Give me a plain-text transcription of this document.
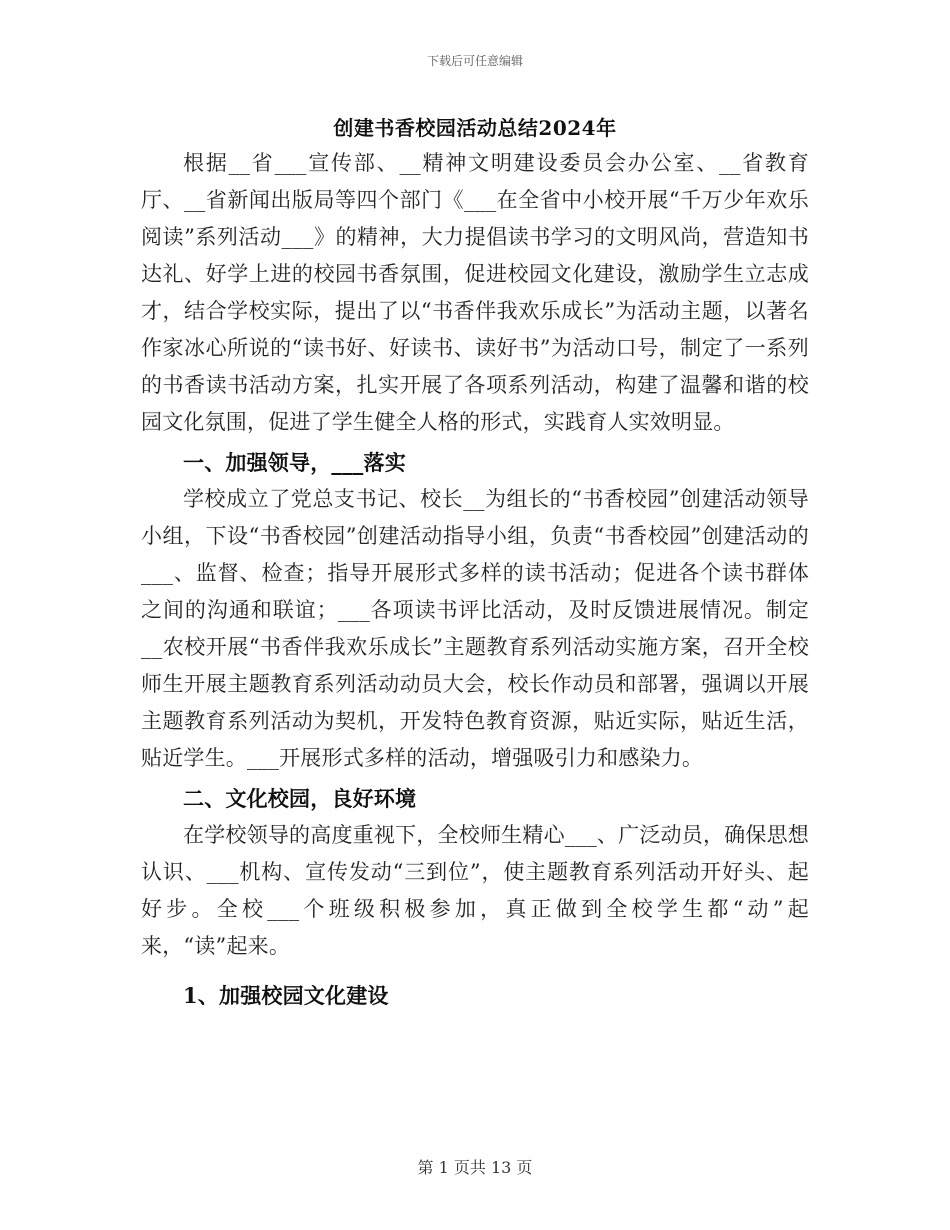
下载后可任意编辑
创建书香校园活动总结2024年

根据__省___宣传部、__精神文明建设委员会办公室、__省教育厅、__省新闻出版局等四个部门《___在全省中小校开展“千万少年欢乐阅读”系列活动___》的精神，大力提倡读书学习的文明风尚，营造知书达礼、好学上进的校园书香氛围，促进校园文化建设，激励学生立志成才，结合学校实际，提出了以“书香伴我欢乐成长”为活动主题，以著名作家冰心所说的“读书好、好读书、读好书”为活动口号，制定了一系列的书香读书活动方案，扎实开展了各项系列活动，构建了温馨和谐的校园文化氛围，促进了学生健全人格的形式，实践育人实效明显。

一、加强领导，___落实

学校成立了党总支书记、校长__为组长的“书香校园”创建活动领导小组，下设“书香校园”创建活动指导小组，负责“书香校园”创建活动的___、监督、检查；指导开展形式多样的读书活动；促进各个读书群体之间的沟通和联谊；___各项读书评比活动，及时反馈进展情况。制定__农校开展“书香伴我欢乐成长”主题教育系列活动实施方案，召开全校师生开展主题教育系列活动动员大会，校长作动员和部署，强调以开展主题教育系列活动为契机，开发特色教育资源，贴近实际，贴近生活，贴近学生。___开展形式多样的活动，增强吸引力和感染力。

二、文化校园，良好环境

在学校领导的高度重视下，全校师生精心___、广泛动员，确保思想认识、___机构、宣传发动“三到位”，使主题教育系列活动开好头、起好步。全校___个班级积极参加，真正做到全校学生都“动”起来，“读”起来。

1、加强校园文化建设

第 1 页共 13 页
